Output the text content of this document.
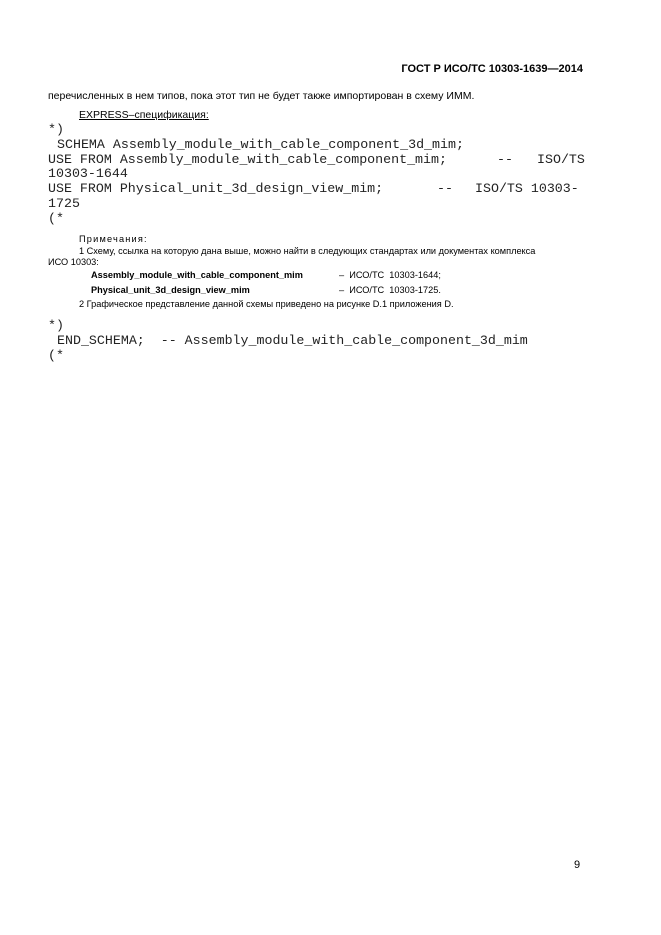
ГОСТ Р ИСО/ТС 10303-1639—2014
перечисленных в нем типов, пока этот тип не будет также импортирован в схему ИММ.
EXPRESS–спецификация:
*)
SCHEMA Assembly_module_with_cable_component_3d_mim;
USE FROM Assembly_module_with_cable_component_mim;	-- ISO/TS
10303-1644
USE FROM Physical_unit_3d_design_view_mim;	-- ISO/TS 10303-
1725
(*
Примечания:
1 Схему, ссылка на которую дана выше, можно найти в следующих стандартах или документах комплекса
ИСО 10303:
Assembly_module_with_cable_component_mim	–  ИСО/ТС  10303-1644;
Physical_unit_3d_design_view_mim	–  ИСО/ТС  10303-1725.
2 Графическое представление данной схемы приведено на рисунке D.1 приложения D.
*)
END_SCHEMA;  -- Assembly_module_with_cable_component_3d_mim
(*
9
